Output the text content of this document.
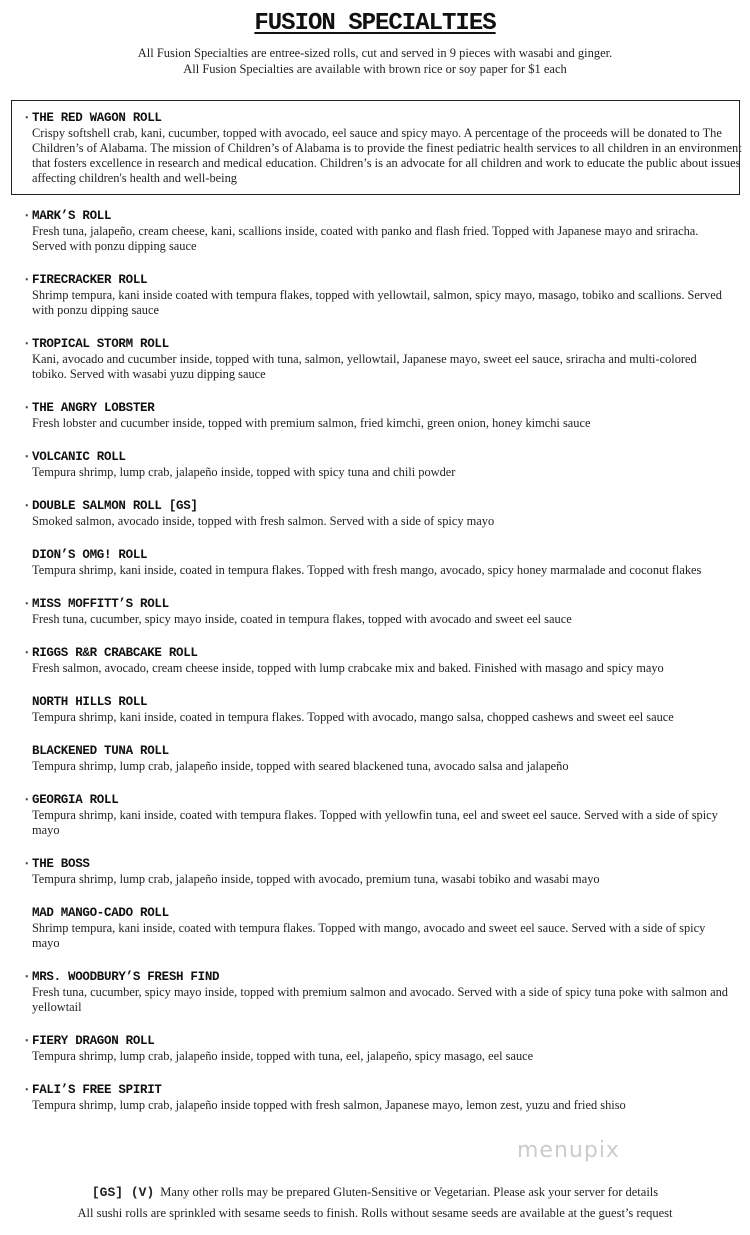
FUSION SPECIALTIES
All Fusion Specialties are entree-sized rolls, cut and served in 9 pieces with wasabi and ginger.
All Fusion Specialties are available with brown rice or soy paper for $1 each
• THE RED WAGON ROLL
Crispy softshell crab, kani, cucumber, topped with avocado, eel sauce and spicy mayo. A percentage of the proceeds will be donated to The Children’s of Alabama. The mission of Children’s of Alabama is to provide the finest pediatric health services to all children in an environment that fosters excellence in research and medical education. Children’s is an advocate for all children and work to educate the public about issues affecting children's health and well-being
• MARK’S ROLL
Fresh tuna, jalapeño, cream cheese, kani, scallions inside, coated with panko and flash fried. Topped with Japanese mayo and sriracha. Served with ponzu dipping sauce
• FIRECRACKER ROLL
Shrimp tempura, kani inside coated with tempura flakes, topped with yellowtail, salmon, spicy mayo, masago, tobiko and scallions. Served with ponzu dipping sauce
• TROPICAL STORM ROLL
Kani, avocado and cucumber inside, topped with tuna, salmon, yellowtail, Japanese mayo, sweet eel sauce, sriracha and multi-colored tobiko. Served with wasabi yuzu dipping sauce
• THE ANGRY LOBSTER
Fresh lobster and cucumber inside, topped with premium salmon, fried kimchi, green onion, honey kimchi sauce
• VOLCANIC ROLL
Tempura shrimp, lump crab, jalapeño inside, topped with spicy tuna and chili powder
• DOUBLE SALMON ROLL [GS]
Smoked salmon, avocado inside, topped with fresh salmon. Served with a side of spicy mayo
DION’S OMG! ROLL
Tempura shrimp, kani inside, coated in tempura flakes. Topped with fresh mango, avocado, spicy honey marmalade and coconut flakes
• MISS MOFFITT’S ROLL
Fresh tuna, cucumber, spicy mayo inside, coated in tempura flakes, topped with avocado and sweet eel sauce
• RIGGS R&R CRABCAKE ROLL
Fresh salmon, avocado, cream cheese inside, topped with lump crabcake mix and baked. Finished with masago and spicy mayo
NORTH HILLS ROLL
Tempura shrimp, kani inside, coated in tempura flakes. Topped with avocado, mango salsa, chopped cashews and sweet eel sauce
BLACKENED TUNA ROLL
Tempura shrimp, lump crab, jalapeño inside, topped with seared blackened tuna, avocado salsa and jalapeño
• GEORGIA ROLL
Tempura shrimp, kani inside, coated with tempura flakes. Topped with yellowfin tuna, eel and sweet eel sauce. Served with a side of spicy mayo
• THE BOSS
Tempura shrimp, lump crab, jalapeño inside, topped with avocado, premium tuna, wasabi tobiko and wasabi mayo
MAD MANGO-CADO ROLL
Shrimp tempura, kani inside, coated with tempura flakes. Topped with mango, avocado and sweet eel sauce. Served with a side of spicy mayo
• MRS. WOODBURY’S FRESH FIND
Fresh tuna, cucumber, spicy mayo inside, topped with premium salmon and avocado. Served with a side of spicy tuna poke with salmon and yellowtail
• FIERY DRAGON ROLL
Tempura shrimp, lump crab, jalapeño inside, topped with tuna, eel, jalapeño, spicy masago, eel sauce
• FALI’S FREE SPIRIT
Tempura shrimp, lump crab, jalapeño inside topped with fresh salmon, Japanese mayo, lemon zest, yuzu and fried shiso
menupix
[GS] (V) Many other rolls may be prepared Gluten-Sensitive or Vegetarian. Please ask your server for details
All sushi rolls are sprinkled with sesame seeds to finish. Rolls without sesame seeds are available at the guest’s request
